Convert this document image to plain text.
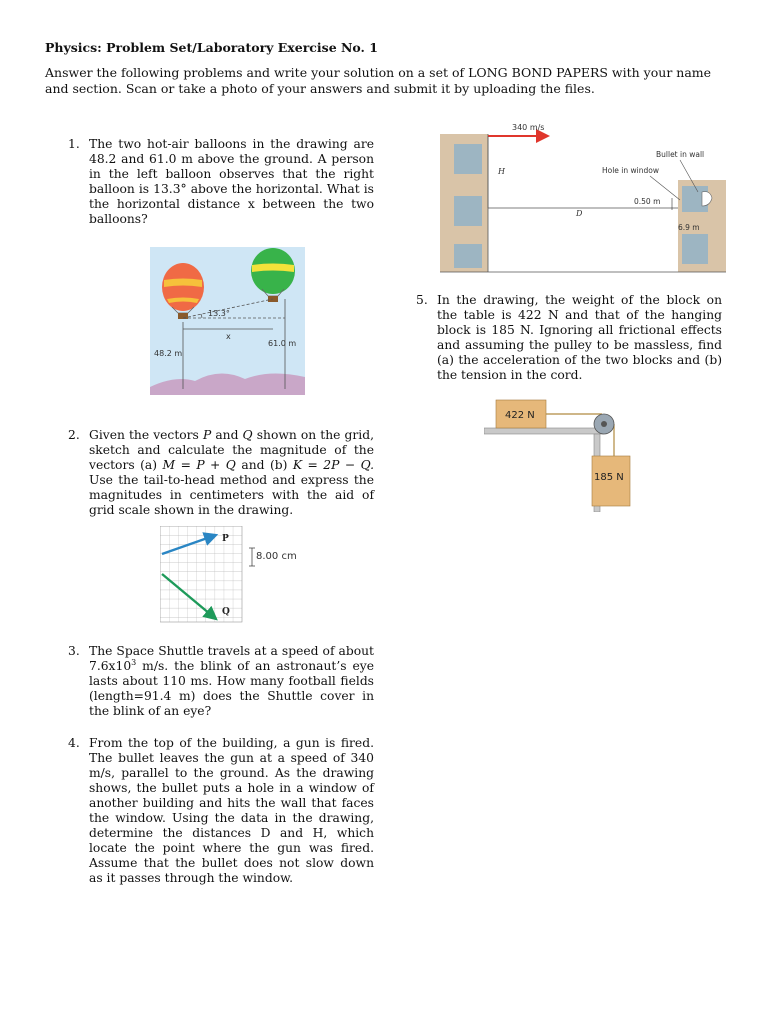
Physics: Problem Set/Laboratory Exercise No. 1
Answer the following problems and write your solution on a set of LONG BOND PAPERS with your name and section. Scan or take a photo of your answers and submit it by uploading the files.
1. The two hot-air balloons in the drawing are 48.2 and 61.0 m above the ground. A person in the left balloon observes that the right balloon is 13.3° above the horizontal. What is the horizontal distance x between the two balloons?
13.3°
x
48.2 m
61.0 m
2. Given the vectors P and Q shown on the grid, sketch and calculate the magnitude of the vectors (a) M = P + Q and (b) K = 2P − Q. Use the tail-to-head method and express the magnitudes in centimeters with the aid of grid scale shown in the drawing.
P
Q
8.00 cm
3. The Space Shuttle travels at a speed of about $7.6x10^3$ m/s. the blink of an astronaut’s eye lasts about 110 ms. How many football fields (length=91.4 m) does the Shuttle cover in the blink of an eye?
4. From the top of the building, a gun is fired. The bullet leaves the gun at a speed of 340 m/s, parallel to the ground. As the drawing shows, the bullet puts a hole in a window of another building and hits the wall that faces the window. Using the data in the drawing, determine the distances D and H, which locate the point where the gun was fired. Assume that the bullet does not slow down as it passes through the window.
340 m/s
H
D
Bullet in wall
Hole in window
0.50 m
6.9 m
5. In the drawing, the weight of the block on the table is 422 N and that of the hanging block is 185 N. Ignoring all frictional effects and assuming the pulley to be massless, find (a) the acceleration of the two blocks and (b) the tension in the cord.
422 N
185 N
